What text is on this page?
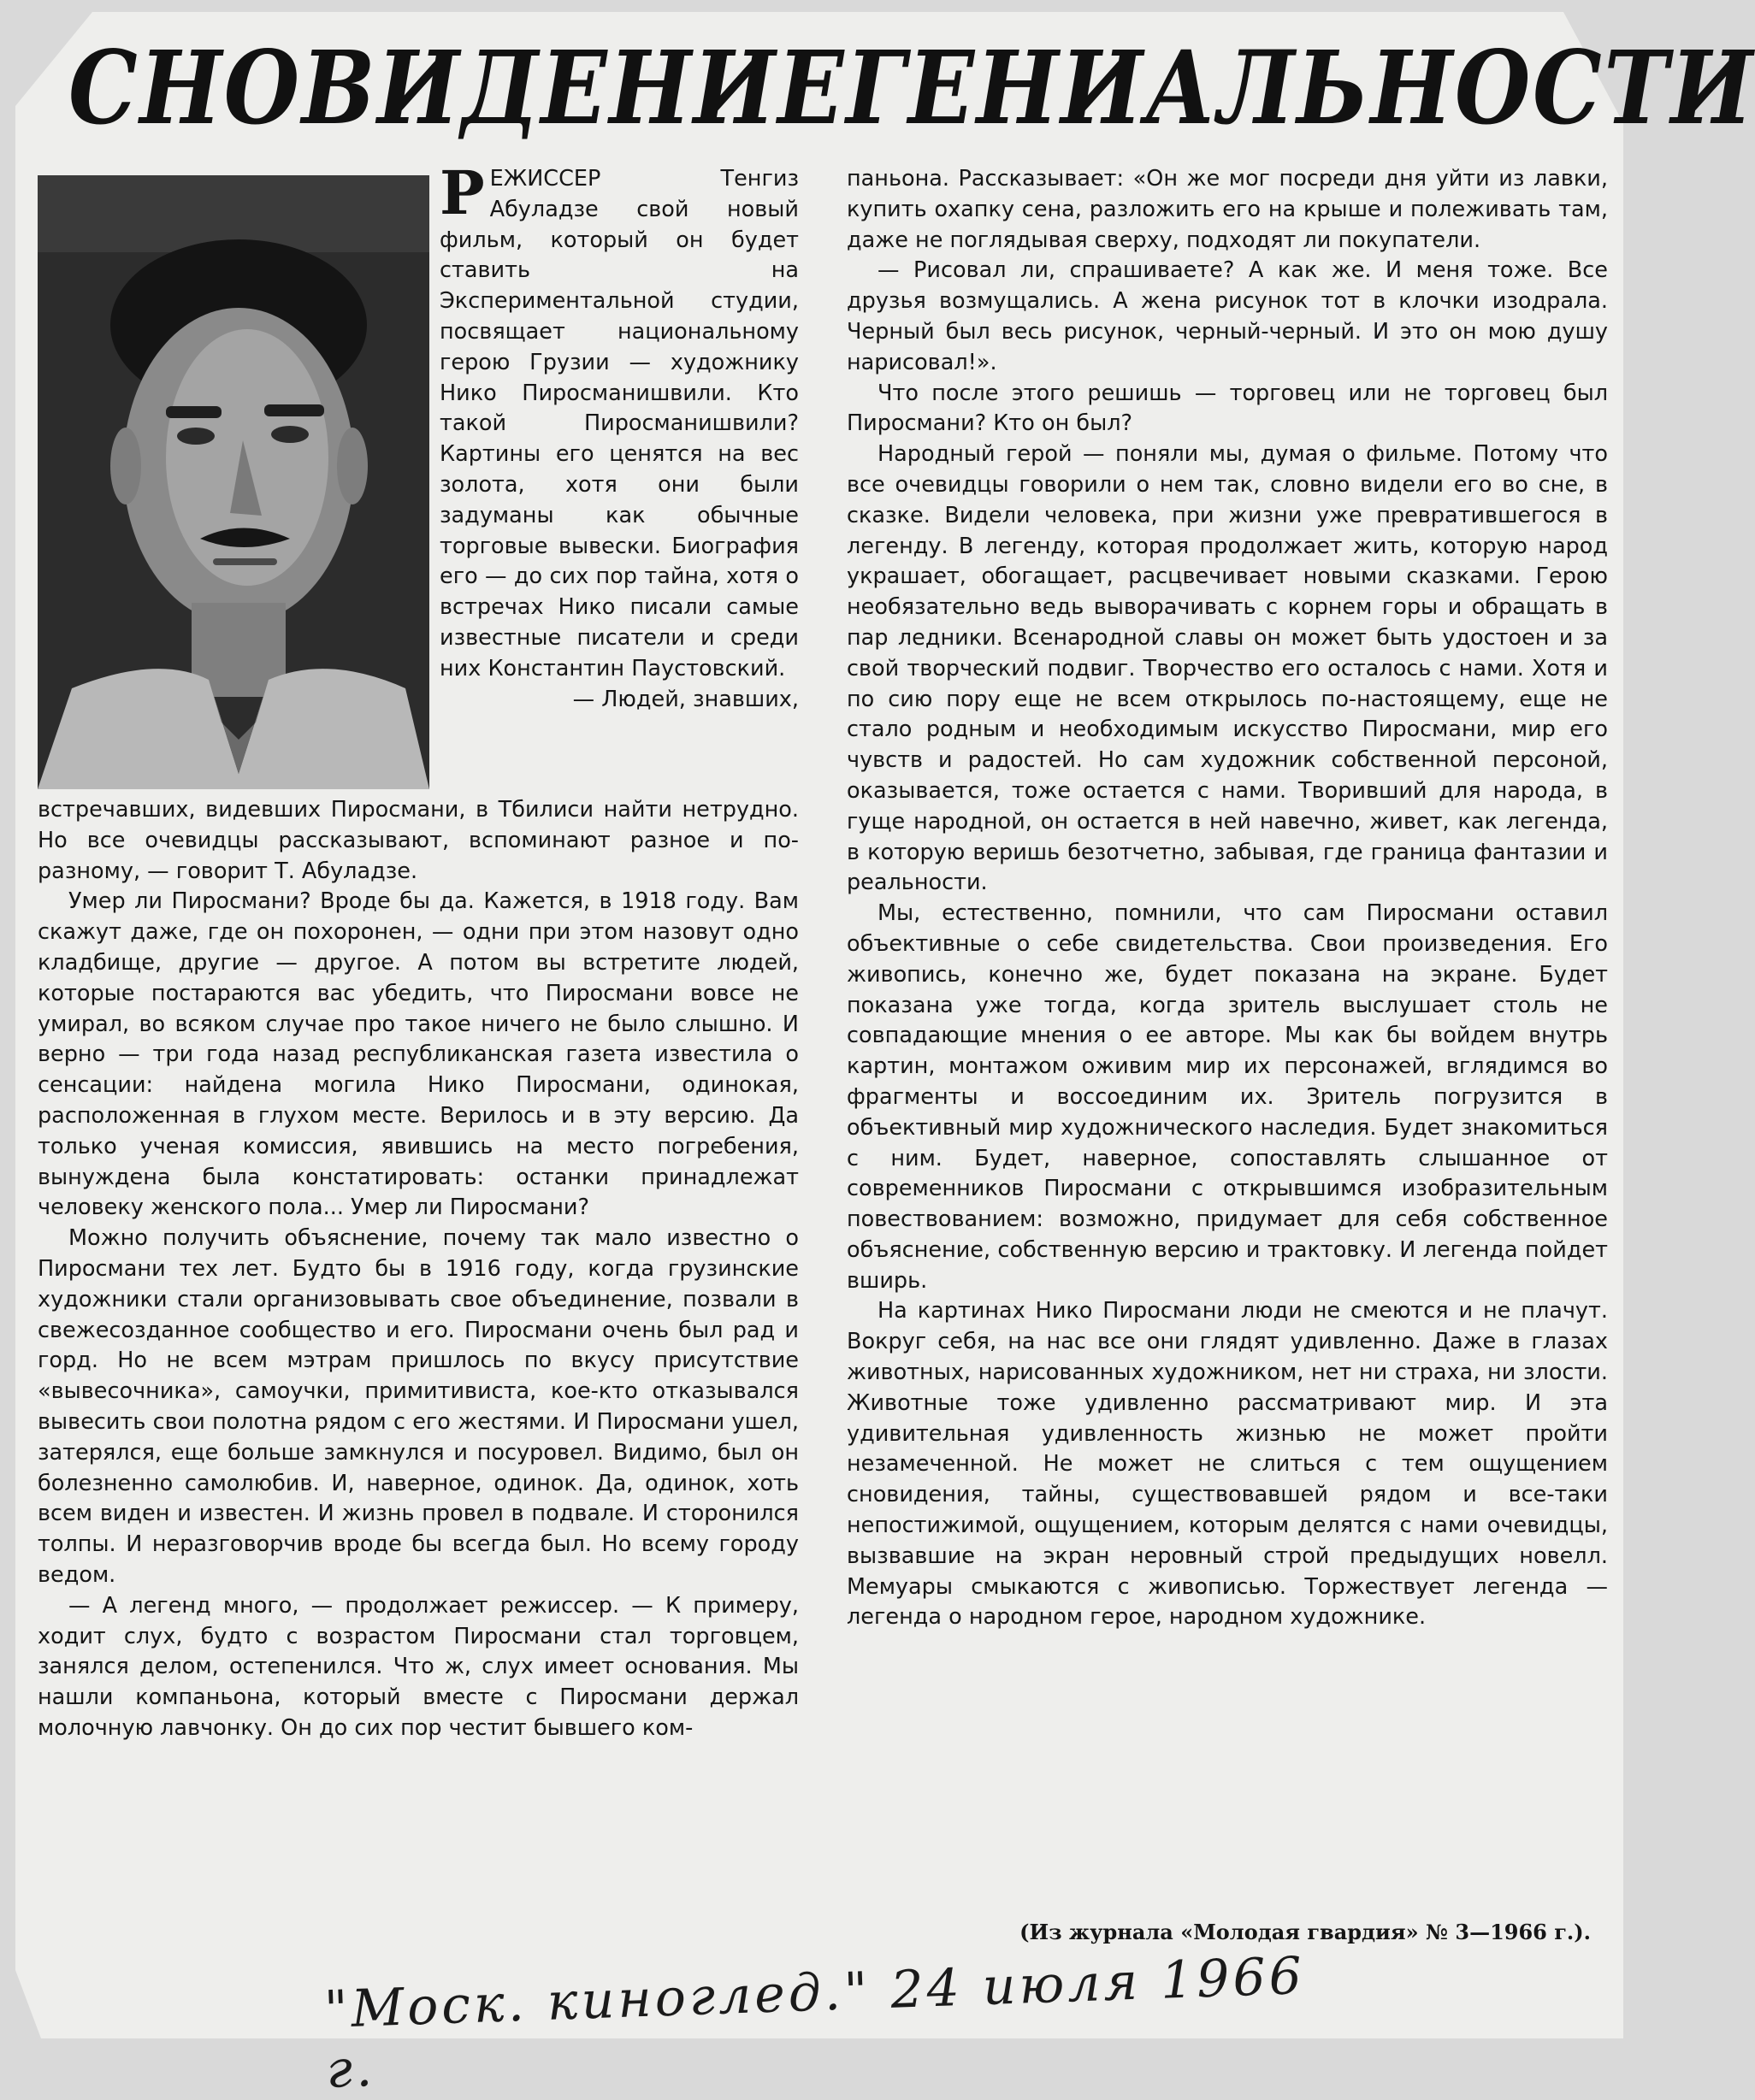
СНОВИДЕНИЕ ГЕНИАЛЬНОСТИ
Р ЕЖИССЕР Тенгиз Абуладзе свой новый фильм, который он будет ставить на Экспериментальной студии, посвящает национальному герою Грузии — художнику Нико Пиросманишвили. Кто такой Пиросманишвили? Картины его ценятся на вес золота, хотя они были задуманы как обычные торговые вывески. Биография его — до сих пор тайна, хотя о встречах Нико писали самые известные писатели и среди них Константин Паустовский.

— Людей, знавших,

встречавших, видевших Пиросмани, в Тбилиси найти нетрудно. Но все очевидцы рассказывают, вспоминают разное и по-разному, — говорит Т. Абуладзе.

Умер ли Пиросмани? Вроде бы да. Кажется, в 1918 году. Вам скажут даже, где он похоронен, — одни при этом назовут одно кладбище, другие — другое. А потом вы встретите людей, которые постараются вас убедить, что Пиросмани вовсе не умирал, во всяком случае про такое ничего не было слышно. И верно — три года назад республиканская газета известила о сенсации: найдена могила Нико Пиросмани, одинокая, расположенная в глухом месте. Верилось и в эту версию. Да только ученая комиссия, явившись на место погребения, вынуждена была констатировать: останки принадлежат человеку женского пола... Умер ли Пиросмани?

Можно получить объяснение, почему так мало известно о Пиросмани тех лет. Будто бы в 1916 году, когда грузинские художники стали организовывать свое объединение, позвали в свежесозданное сообщество и его. Пиросмани очень был рад и горд. Но не всем мэтрам пришлось по вкусу присутствие «вывесочника», самоучки, примитивиста, кое-кто отказывался вывесить свои полотна рядом с его жестями. И Пиросмани ушел, затерялся, еще больше замкнулся и посуровел. Видимо, был он болезненно самолюбив. И, наверное, одинок. Да, одинок, хоть всем виден и известен. И жизнь провел в подвале. И сторонился толпы. И неразговорчив вроде бы всегда был. Но всему городу ведом.

— А легенд много, — продолжает режиссер. — К примеру, ходит слух, будто с возрастом Пиросмани стал торговцем, занялся делом, остепенился. Что ж, слух имеет основания. Мы нашли компаньона, который вместе с Пиросмани держал молочную лавчонку. Он до сих пор честит бывшего ком-

паньона. Рассказывает: «Он же мог посреди дня уйти из лавки, купить охапку сена, разложить его на крыше и полеживать там, даже не поглядывая сверху, подходят ли покупатели.

— Рисовал ли, спрашиваете? А как же. И меня тоже. Все друзья возмущались. А жена рисунок тот в клочки изодрала. Черный был весь рисунок, черный-черный. И это он мою душу нарисовал!».

Что после этого решишь — торговец или не торговец был Пиросмани? Кто он был?

Народный герой — поняли мы, думая о фильме. Потому что все очевидцы говорили о нем так, словно видели его во сне, в сказке. Видели человека, при жизни уже превратившегося в легенду. В легенду, которая продолжает жить, которую народ украшает, обогащает, расцвечивает новыми сказками. Герою необязательно ведь выворачивать с корнем горы и обращать в пар ледники. Всенародной славы он может быть удостоен и за свой творческий подвиг. Творчество его осталось с нами. Хотя и по сию пору еще не всем открылось по-настоящему, еще не стало родным и необходимым искусство Пиросмани, мир его чувств и радостей. Но сам художник собственной персоной, оказывается, тоже остается с нами. Творивший для народа, в гуще народной, он остается в ней навечно, живет, как легенда, в которую веришь безотчетно, забывая, где граница фантазии и реальности.

Мы, естественно, помнили, что сам Пиросмани оставил объективные о себе свидетельства. Свои произведения. Его живопись, конечно же, будет показана на экране. Будет показана уже тогда, когда зритель выслушает столь не совпадающие мнения о ее авторе. Мы как бы войдем внутрь картин, монтажом оживим мир их персонажей, вглядимся во фрагменты и воссоединим их. Зритель погрузится в объективный мир художнического наследия. Будет знакомиться с ним. Будет, наверное, сопоставлять слышанное от современников Пиросмани с открывшимся изобразительным повествованием: возможно, придумает для себя собственное объяснение, собственную версию и трактовку. И легенда пойдет вширь.

На картинах Нико Пиросмани люди не смеются и не плачут. Вокруг себя, на нас все они глядят удивленно. Даже в глазах животных, нарисованных художником, нет ни страха, ни злости. Животные тоже удивленно рассматривают мир. И эта удивительная удивленность жизнью не может пройти незамеченной. Не может не слиться с тем ощущением сновидения, тайны, существовавшей рядом и все-таки непостижимой, ощущением, которым делятся с нами очевидцы, вызвавшие на экран неровный строй предыдущих новелл. Мемуары смыкаются с живописью. Торжествует легенда — легенда о народном герое, народном художнике.

(Из журнала «Молодая гвардия» № 3—1966 г.).
"Моск. киноглед." 24 июля 1966 г.
